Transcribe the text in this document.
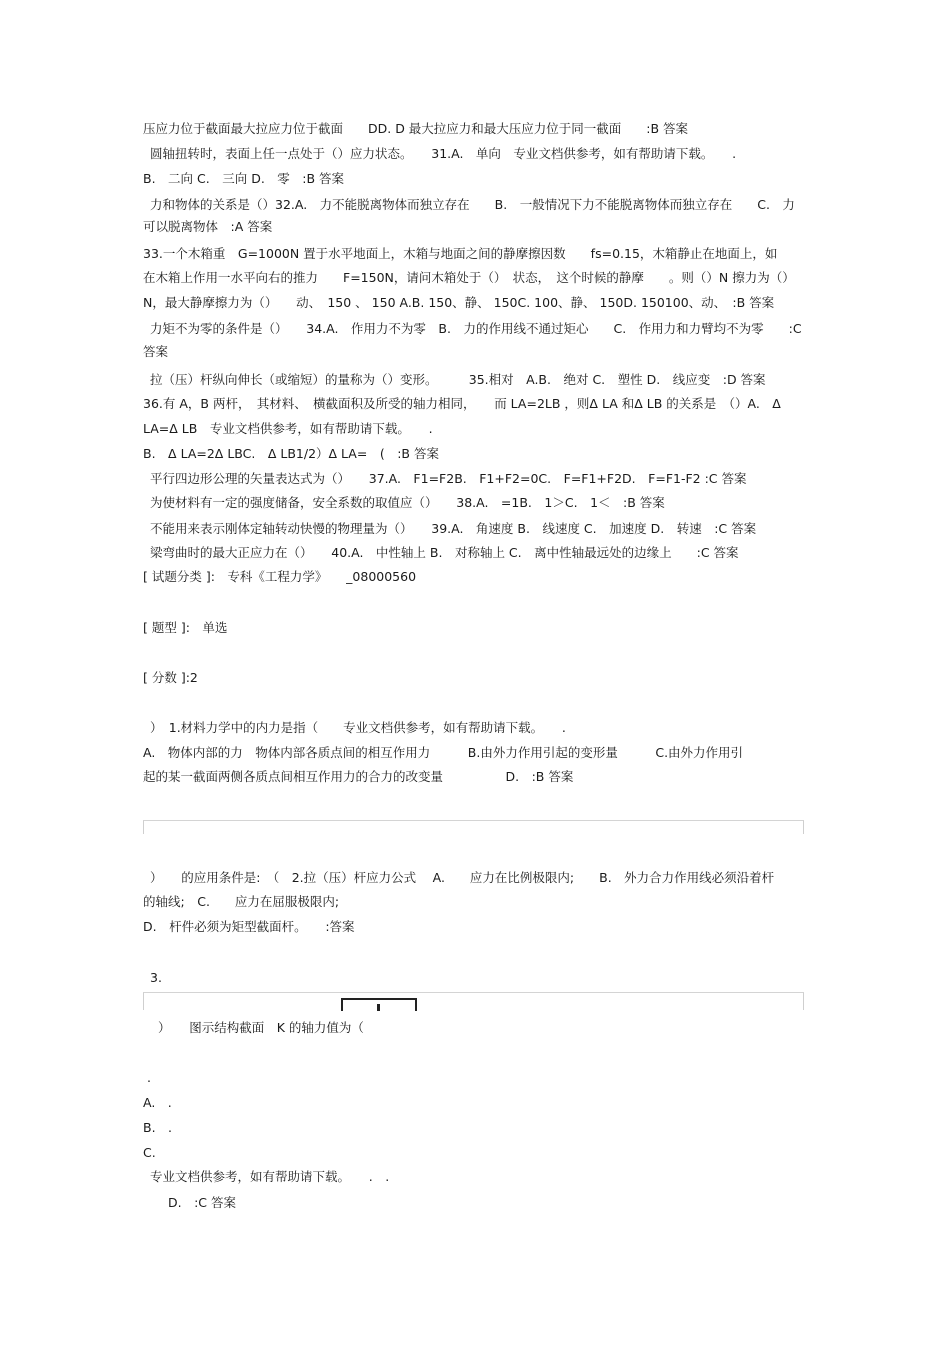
压应力位于截面最大拉应力位于截面　　DD. D 最大拉应力和最大压应力位于同一截面　　:B 答案
圆轴扭转时，表面上任一点处于（）应力状态。　　31.A.　单向　专业文档供参考，如有帮助请下载。　　.
B.　二向 C.　三向 D.　零　:B 答案
力和物体的关系是（）32.A.　力不能脱离物体而独立存在　　B.　一般情况下力不能脱离物体而独立存在　　C.　力
可以脱离物体　:A 答案
33.一个木箱重　G=1000N 置于水平地面上，木箱与地面之间的静摩擦因数　　fs=0.15，木箱静止在地面上，如
在木箱上作用一水平向右的推力　　F=150N，请问木箱处于（）　状态，　这个时候的静摩　　。则（）N 擦力为（）
N，最大静摩擦力为（）　　动、　150 、 150 A.B. 150、静、 150C. 100、静、 150D. 150100、动、　:B 答案
力矩不为零的条件是（）　　34.A.　作用力不为零　B.　力的作用线不通过矩心　　C.　作用力和力臂均不为零　　:C
答案
拉（压）杆纵向伸长（或缩短）的量称为（）变形。　　　35.相对　A.B.　绝对 C.　塑性 D.　线应变　:D 答案
36.有 A，B 两杆，　其材料、　横截面积及所受的轴力相同，　　而 LA=2LB ，则Δ LA 和Δ LB 的关系是　（）A.　Δ
LA=Δ LB　专业文档供参考，如有帮助请下载。　　.
B.　Δ LA=2Δ LBC.　Δ LB1/2）Δ LA=　(　:B 答案
平行四边形公理的矢量表达式为（）　　37.A.　F1=F2B.　F1+F2=0C.　F=F1+F2D.　F=F1-F2 :C 答案
为使材料有一定的强度储备，安全系数的取值应（）　　38.A.　=1B.　1＞C.　1＜　:B 答案
不能用来表示刚体定轴转动快慢的物理量为（）　　39.A.　角速度 B.　线速度 C.　加速度 D.　转速　:C 答案
梁弯曲时的最大正应力在（）　　40.A.　中性轴上 B.　对称轴上 C.　离中性轴最远处的边缘上　　:C 答案
[ 试题分类 ]:　专科《工程力学》　　_08000560
[ 题型 ]:　单选
[ 分数 ]:2
）　1.材料力学中的内力是指（　　专业文档供参考，如有帮助请下载。　　.
A.　物体内部的力　物体内部各质点间的相互作用力　　　B.由外力作用引起的变形量　　　C.由外力作用引
起的某一截面两侧各质点间相互作用力的合力的改变量　　　　　D.　:B 答案
）　　的应用条件是:　（　2.拉（压）杆应力公式　 A.　　应力在比例极限内;　　B.　外力合力作用线必须沿着杆
的轴线;　C.　　应力在屈服极限内;
D.　杆件必须为矩型截面杆。　　:答案
3.
）　　图示结构截面　K 的轴力值为（
.
A.　.
B.　.
C.
专业文档供参考，如有帮助请下载。　　.　.
D.　:C 答案
